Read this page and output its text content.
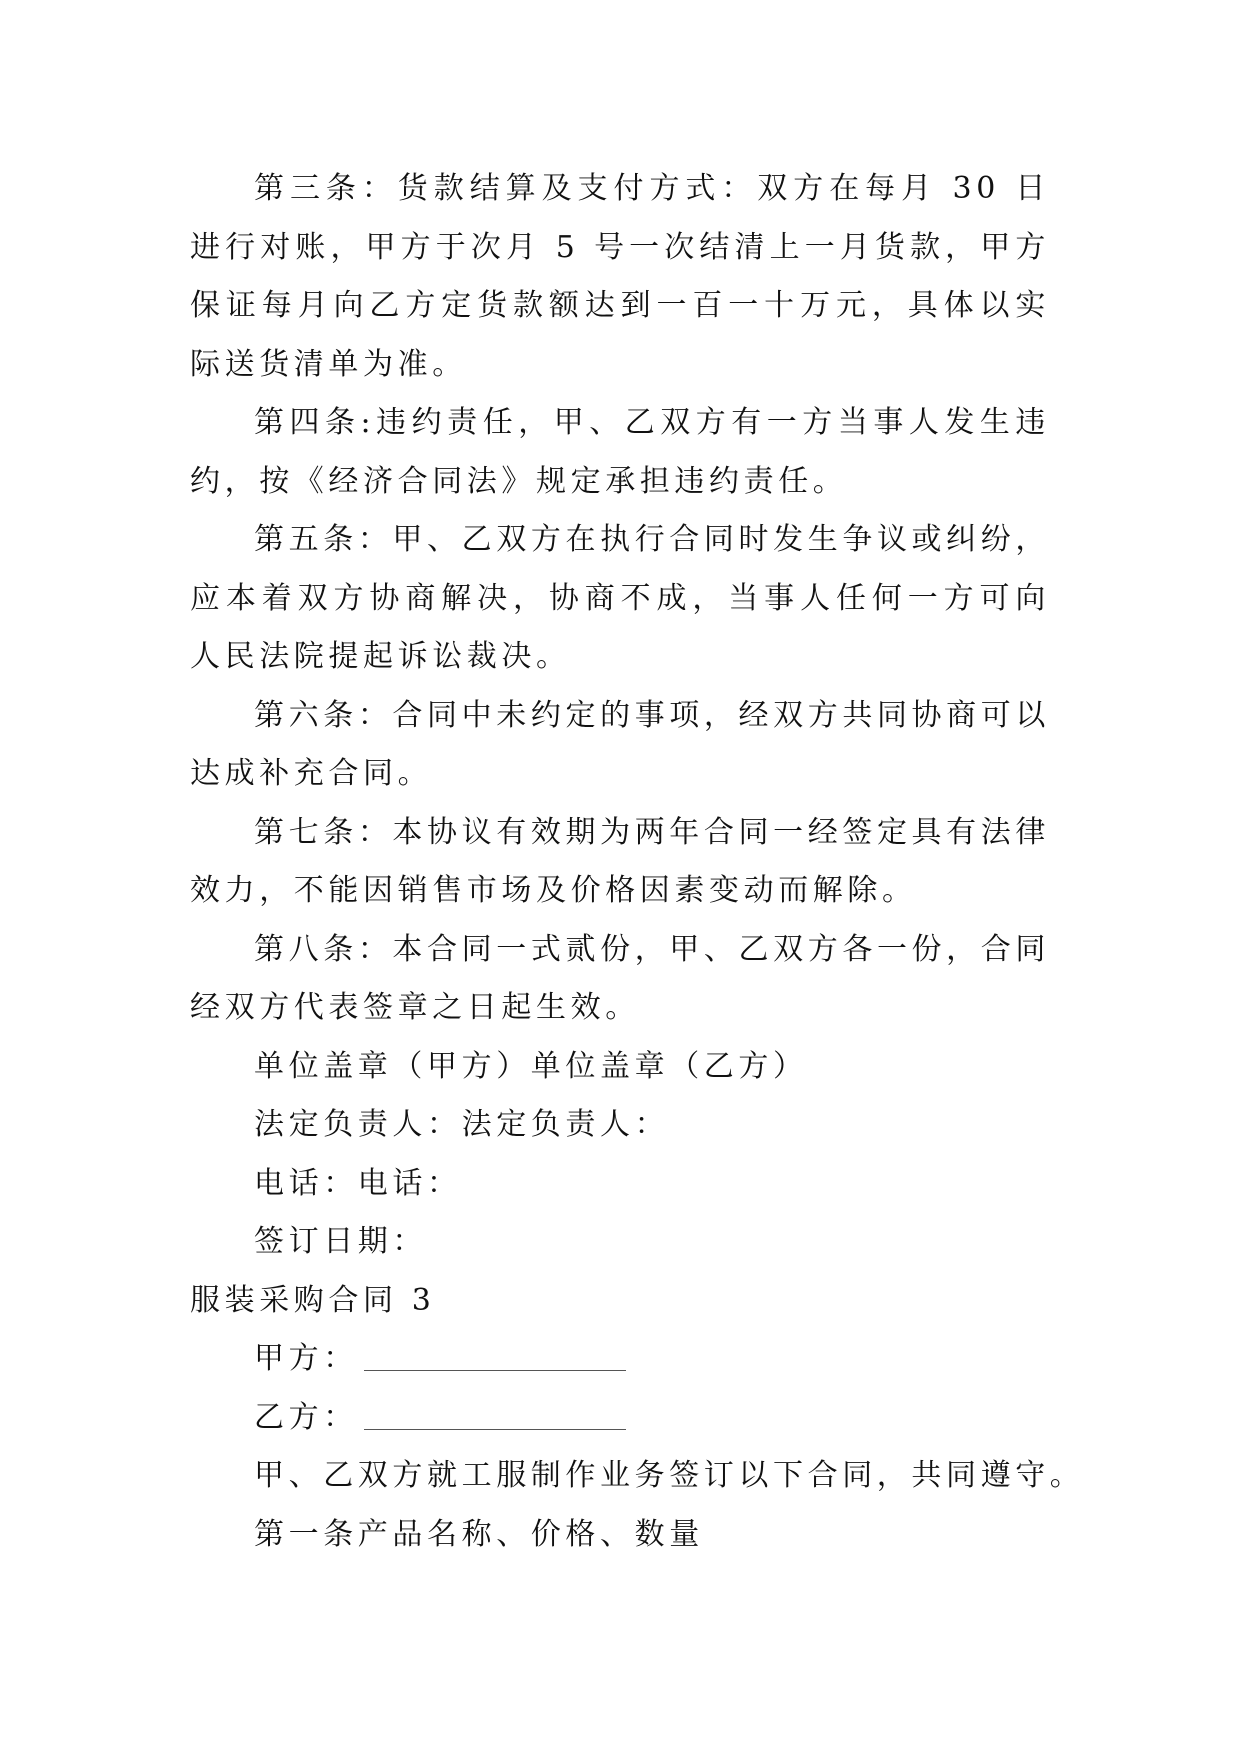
第三条：货款结算及支付方式：双方在每月 30 日进行对账，甲方于次月 5 号一次结清上一月货款，甲方保证每月向乙方定货款额达到一百一十万元，具体以实际送货清单为准。

第四条:违约责任，甲、乙双方有一方当事人发生违约，按《经济合同法》规定承担违约责任。

第五条：甲、乙双方在执行合同时发生争议或纠纷，应本着双方协商解决，协商不成，当事人任何一方可向人民法院提起诉讼裁决。

第六条：合同中未约定的事项，经双方共同协商可以达成补充合同。

第七条：本协议有效期为两年合同一经签定具有法律效力，不能因销售市场及价格因素变动而解除。

第八条：本合同一式贰份，甲、乙双方各一份，合同经双方代表签章之日起生效。

单位盖章（甲方）单位盖章（乙方）

法定负责人：法定负责人：

电话：电话：

签订日期：

服装采购合同 3

甲方：

乙方：

甲、乙双方就工服制作业务签订以下合同，共同遵守。

第一条产品名称、价格、数量
